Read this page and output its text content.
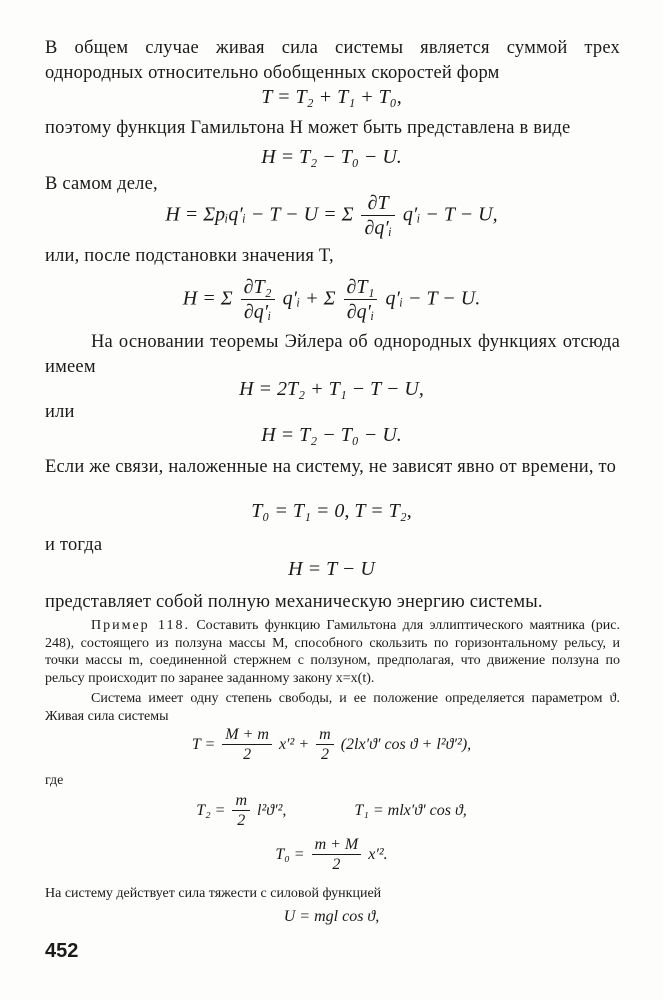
В общем случае живая сила системы является суммой трех однородных относительно обобщенных скоростей форм

T = T₂ + T₁ + T₀,

поэтому функция Гамильтона H может быть представлена в виде

H = T₂ − T₀ − U.

В самом деле,

H = Σpᵢq′ᵢ − T − U = Σ $\frac{\partial T}{\text{∂q′ᵢ}}$ q′ᵢ − T − U,

или, после подстановки значения T,

H = Σ $\frac{\text{∂T₂}}{\text{∂q′ᵢ}}$ q′ᵢ + Σ $\frac{\text{∂T₁}}{\text{∂q′ᵢ}}$ q′ᵢ − T − U.

На основании теоремы Эйлера об однородных функциях отсюда имеем

H = 2T₂ + T₁ − T − U,

или

H = T₂ − T₀ − U.

Если же связи, наложенные на систему, не зависят явно от времени, то

T₀ = T₁ = 0, T = T₂,

и тогда

H = T − U

представляет собой полную механическую энергию системы.

Пример 118. Составить функцию Гамильтона для эллиптического маятника (рис. 248), состоящего из ползуна массы M, способного скользить по горизонтальному рельсу, и точки массы m, соединенной стержнем с ползуном, предполагая, что движение ползуна по рельсу происходит по заранее заданному закону x=x(t).

Система имеет одну степень свободы, и ее положение определяется параметром ϑ. Живая сила системы

$T = \frac{M + m}{2} x'^2 + \frac{m}{2} (2lx'ϑ'$ cos ϑ + l²ϑ′²),

где

$T_2 = \frac{m}{2} l^2ϑ'^2$,	T₁ = mlx′ϑ′ cos ϑ,
$T_0 = \frac{m + M}{2} x'^2$.

На систему действует сила тяжести с силовой функцией

U = mgl cos ϑ,
452
